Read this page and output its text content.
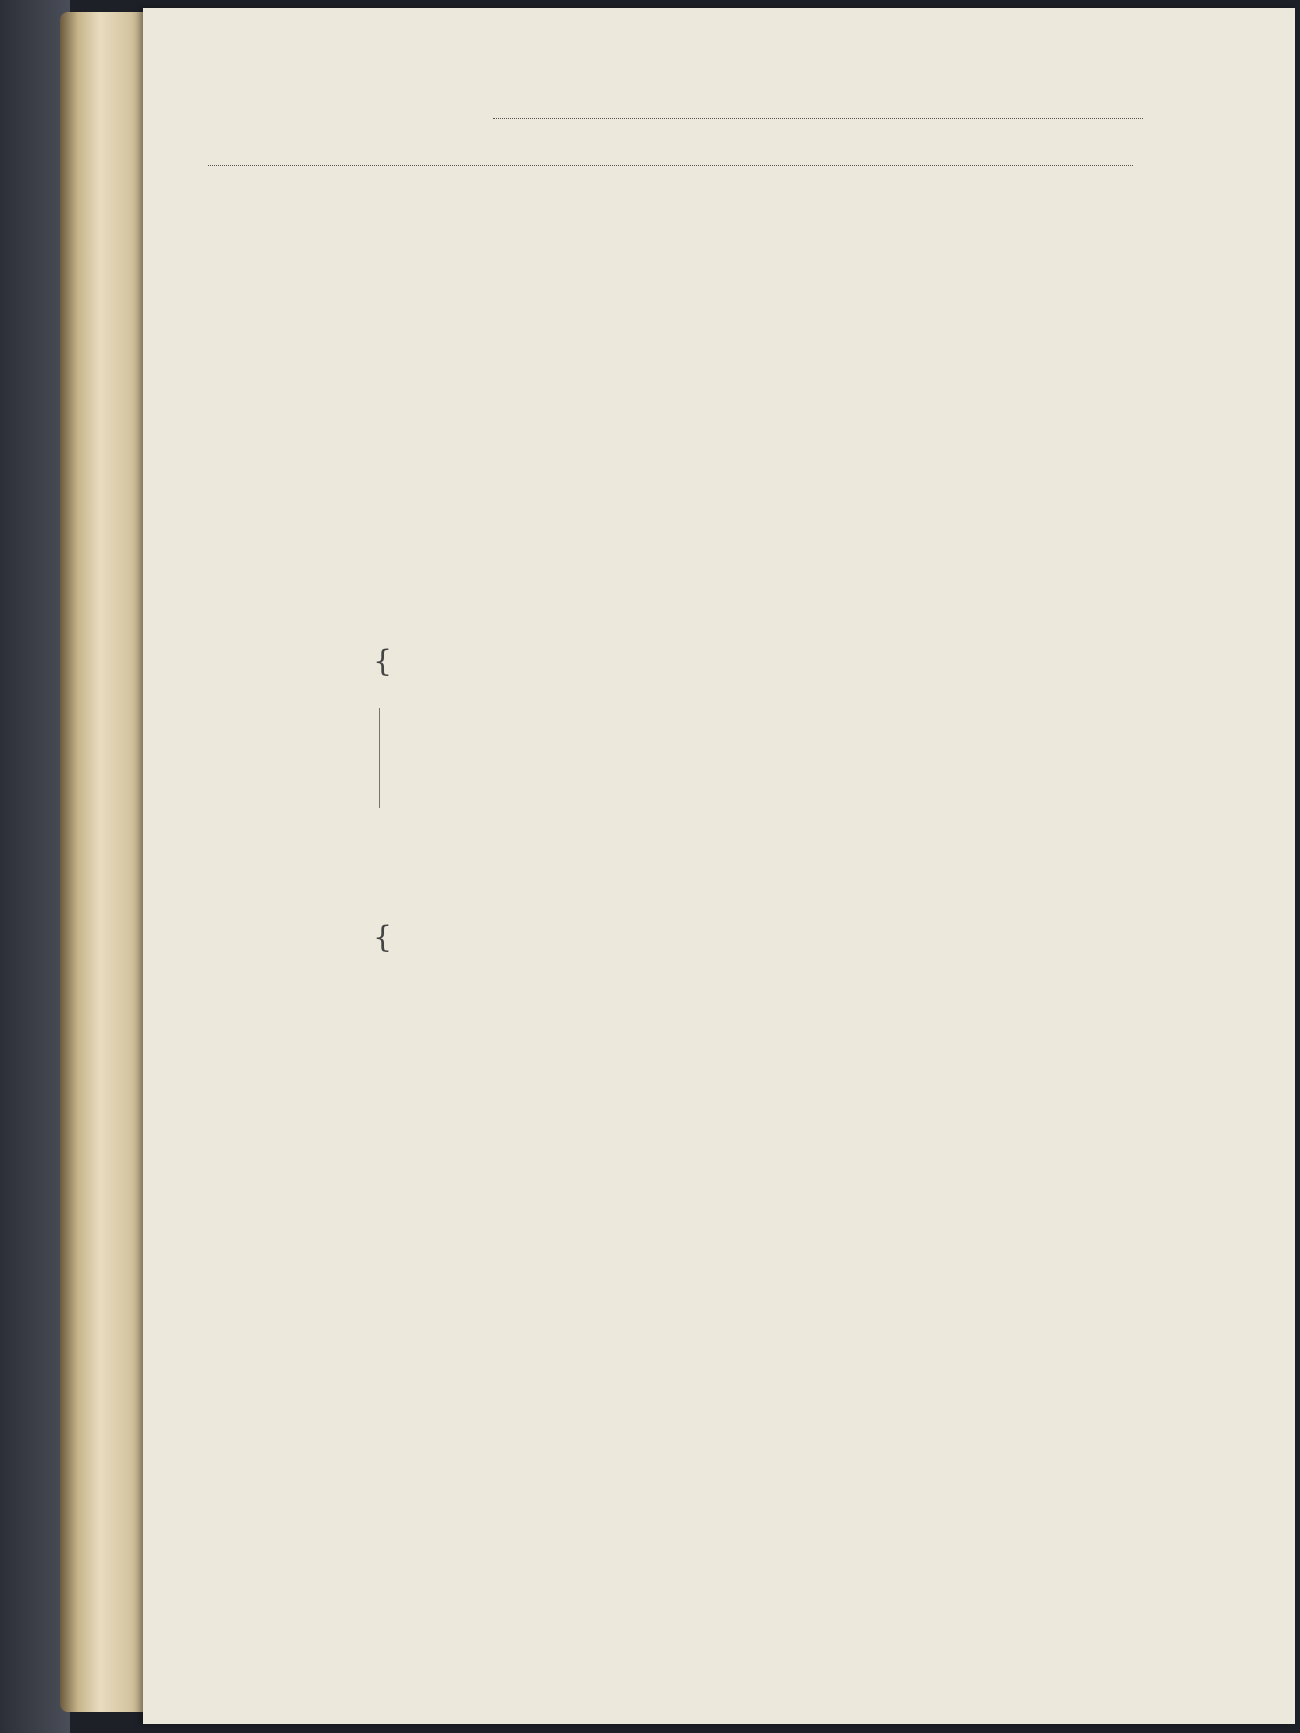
{
{
